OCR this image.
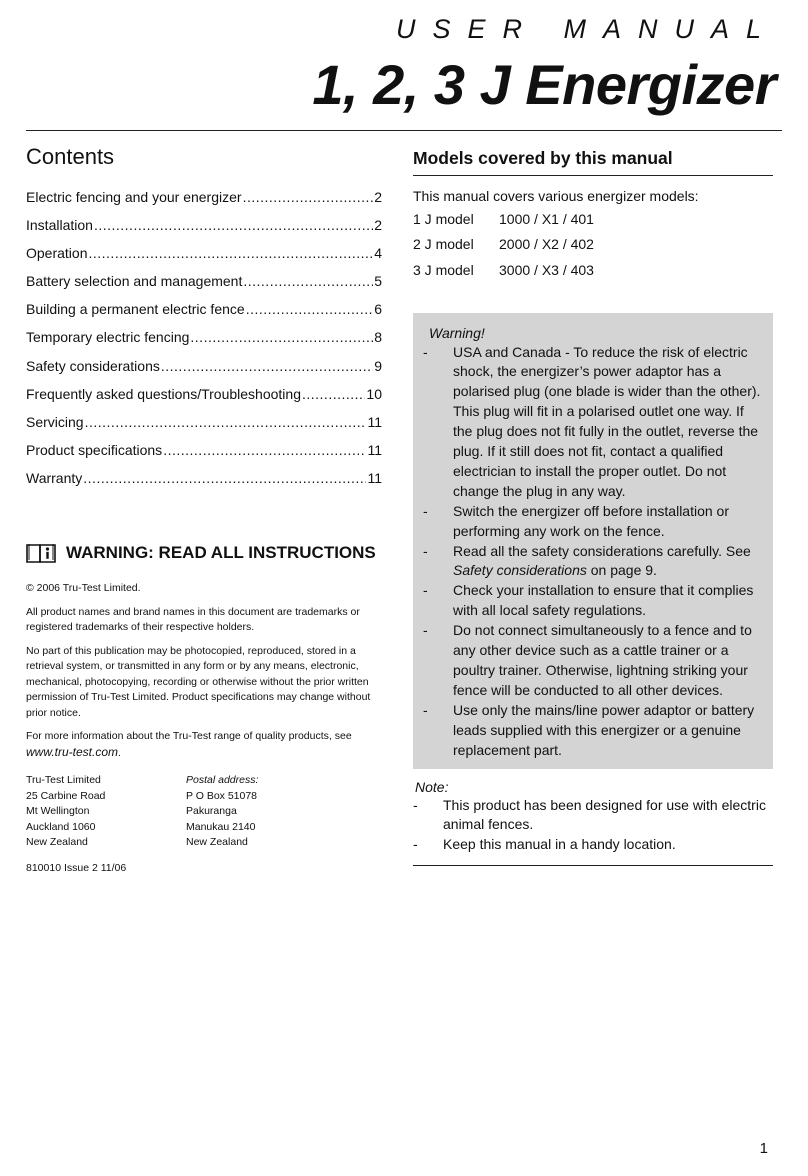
USER MANUAL
1, 2, 3 J Energizer
Contents
Electric fencing and your energizer .....	2
Installation .....	2
Operation .....	4
Battery selection and management .....	5
Building a permanent electric fence .....	6
Temporary electric fencing .....	8
Safety considerations .....	9
Frequently asked questions/Troubleshooting .....	10
Servicing .....	11
Product specifications .....	11
Warranty .....	11
WARNING: READ ALL INSTRUCTIONS

© 2006 Tru-Test Limited.

All product names and brand names in this document are trademarks or registered trademarks of their respective holders.

No part of this publication may be photocopied, reproduced, stored in a retrieval system, or transmitted in any form or by any means, electronic, mechanical, photocopying, recording or otherwise without the prior written permission of Tru-Test Limited. Product specifications may change without prior notice.

For more information about the Tru-Test range of quality products, see www.tru-test.com.

Tru-Test Limited
25 Carbine Road
Mt Wellington
Auckland 1060
New Zealand
Postal address:
P O Box 51078
Pakuranga
Manukau 2140
New Zealand

810010 Issue 2 11/06

Models covered by this manual

This manual covers various energizer models:

1 J model	1000 / X1 / 401
2 J model	2000 / X2 / 402
3 J model	3000 / X3 / 403
Warning!
-	USA and Canada - To reduce the risk of electric shock, the energizer’s power adaptor has a polarised plug (one blade is wider than the other). This plug will fit in a polarised outlet one way. If the plug does not fit fully in the outlet, reverse the plug. If it still does not fit, contact a qualified electrician to install the proper outlet. Do not change the plug in any way.
-	Switch the energizer off before installation or performing any work on the fence.
-	Read all the safety considerations carefully. See Safety considerations on page 9.
-	Check your installation to ensure that it complies with all local safety regulations.
-	Do not connect simultaneously to a fence and to any other device such as a cattle trainer or a poultry trainer. Otherwise, lightning striking your fence will be conducted to all other devices.
-	Use only the mains/line power adaptor or battery leads supplied with this energizer or a genuine replacement part.
Note:
-	This product has been designed for use with electric animal fences.
-	Keep this manual in a handy location.
1
